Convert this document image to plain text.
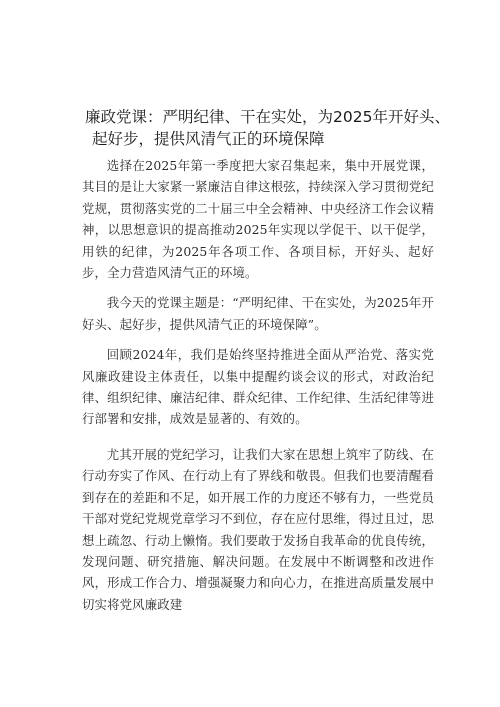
廉政党课：严明纪律、干在实处，为2025年开好头、
起好步，提供风清气正的环境保障

选择在2025年第一季度把大家召集起来，集中开展党课，其目的是让大家紧一紧廉洁自律这根弦，持续深入学习贯彻党纪党规，贯彻落实党的二十届三中全会精神、中央经济工作会议精神，以思想意识的提高推动2025年实现以学促干、以干促学，用铁的纪律，为2025年各项工作、各项目标，开好头、起好步，全力营造风清气正的环境。

我今天的党课主题是：“严明纪律、干在实处，为2025年开好头、起好步，提供风清气正的环境保障”。

回顾2024年，我们是始终坚持推进全面从严治党、落实党风廉政建设主体责任，以集中提醒约谈会议的形式，对政治纪律、组织纪律、廉洁纪律、群众纪律、工作纪律、生活纪律等进行部署和安排，成效是显著的、有效的。

尤其开展的党纪学习，让我们大家在思想上筑牢了防线、在行动夯实了作风、在行动上有了界线和敬畏。但我们也要清醒看到存在的差距和不足，如开展工作的力度还不够有力，一些党员干部对党纪党规党章学习不到位，存在应付思维，得过且过，思想上疏忽、行动上懒惰。我们要敢于发扬自我革命的优良传统，发现问题、研究措施、解决问题。在发展中不断调整和改进作风，形成工作合力、增强凝聚力和向心力，在推进高质量发展中切实将党风廉政建
